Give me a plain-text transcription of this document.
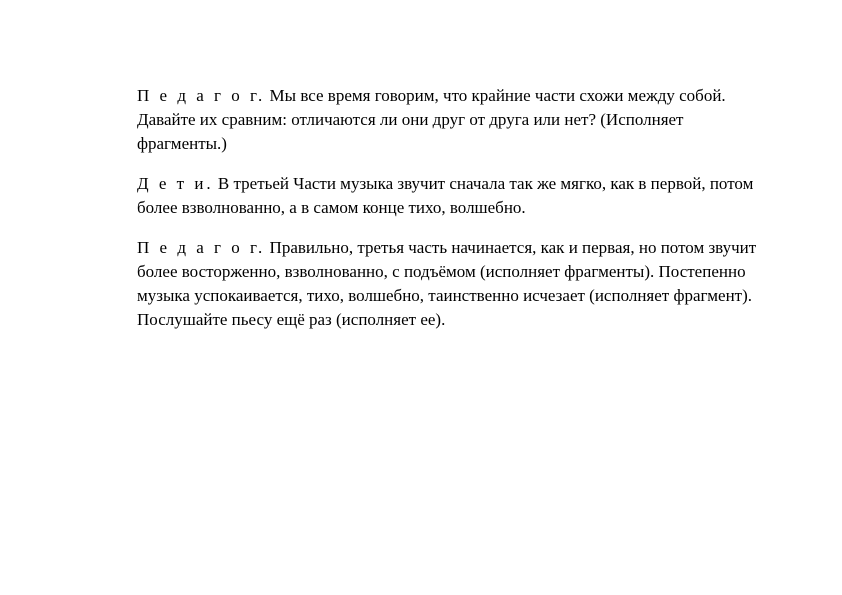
П е д а г о г. Мы все время говорим, что крайние части схожи между собой. Давайте их сравним: отличаются ли они друг от друга или нет? (Исполняет фрагменты.)

Д е т и. В третьей Части музыка звучит сначала так же мягко, как в первой, потом более взволнованно, а в самом конце тихо, волшебно.

П е д а г о г. Правильно, третья часть начинается, как и первая, но потом звучит более восторженно, взволнованно, с подъёмом (исполняет фрагменты). Постепенно музыка успокаивается, тихо, волшебно, таинственно исчезает (исполняет фрагмент). Послушайте пьесу ещё раз (исполняет ее).
